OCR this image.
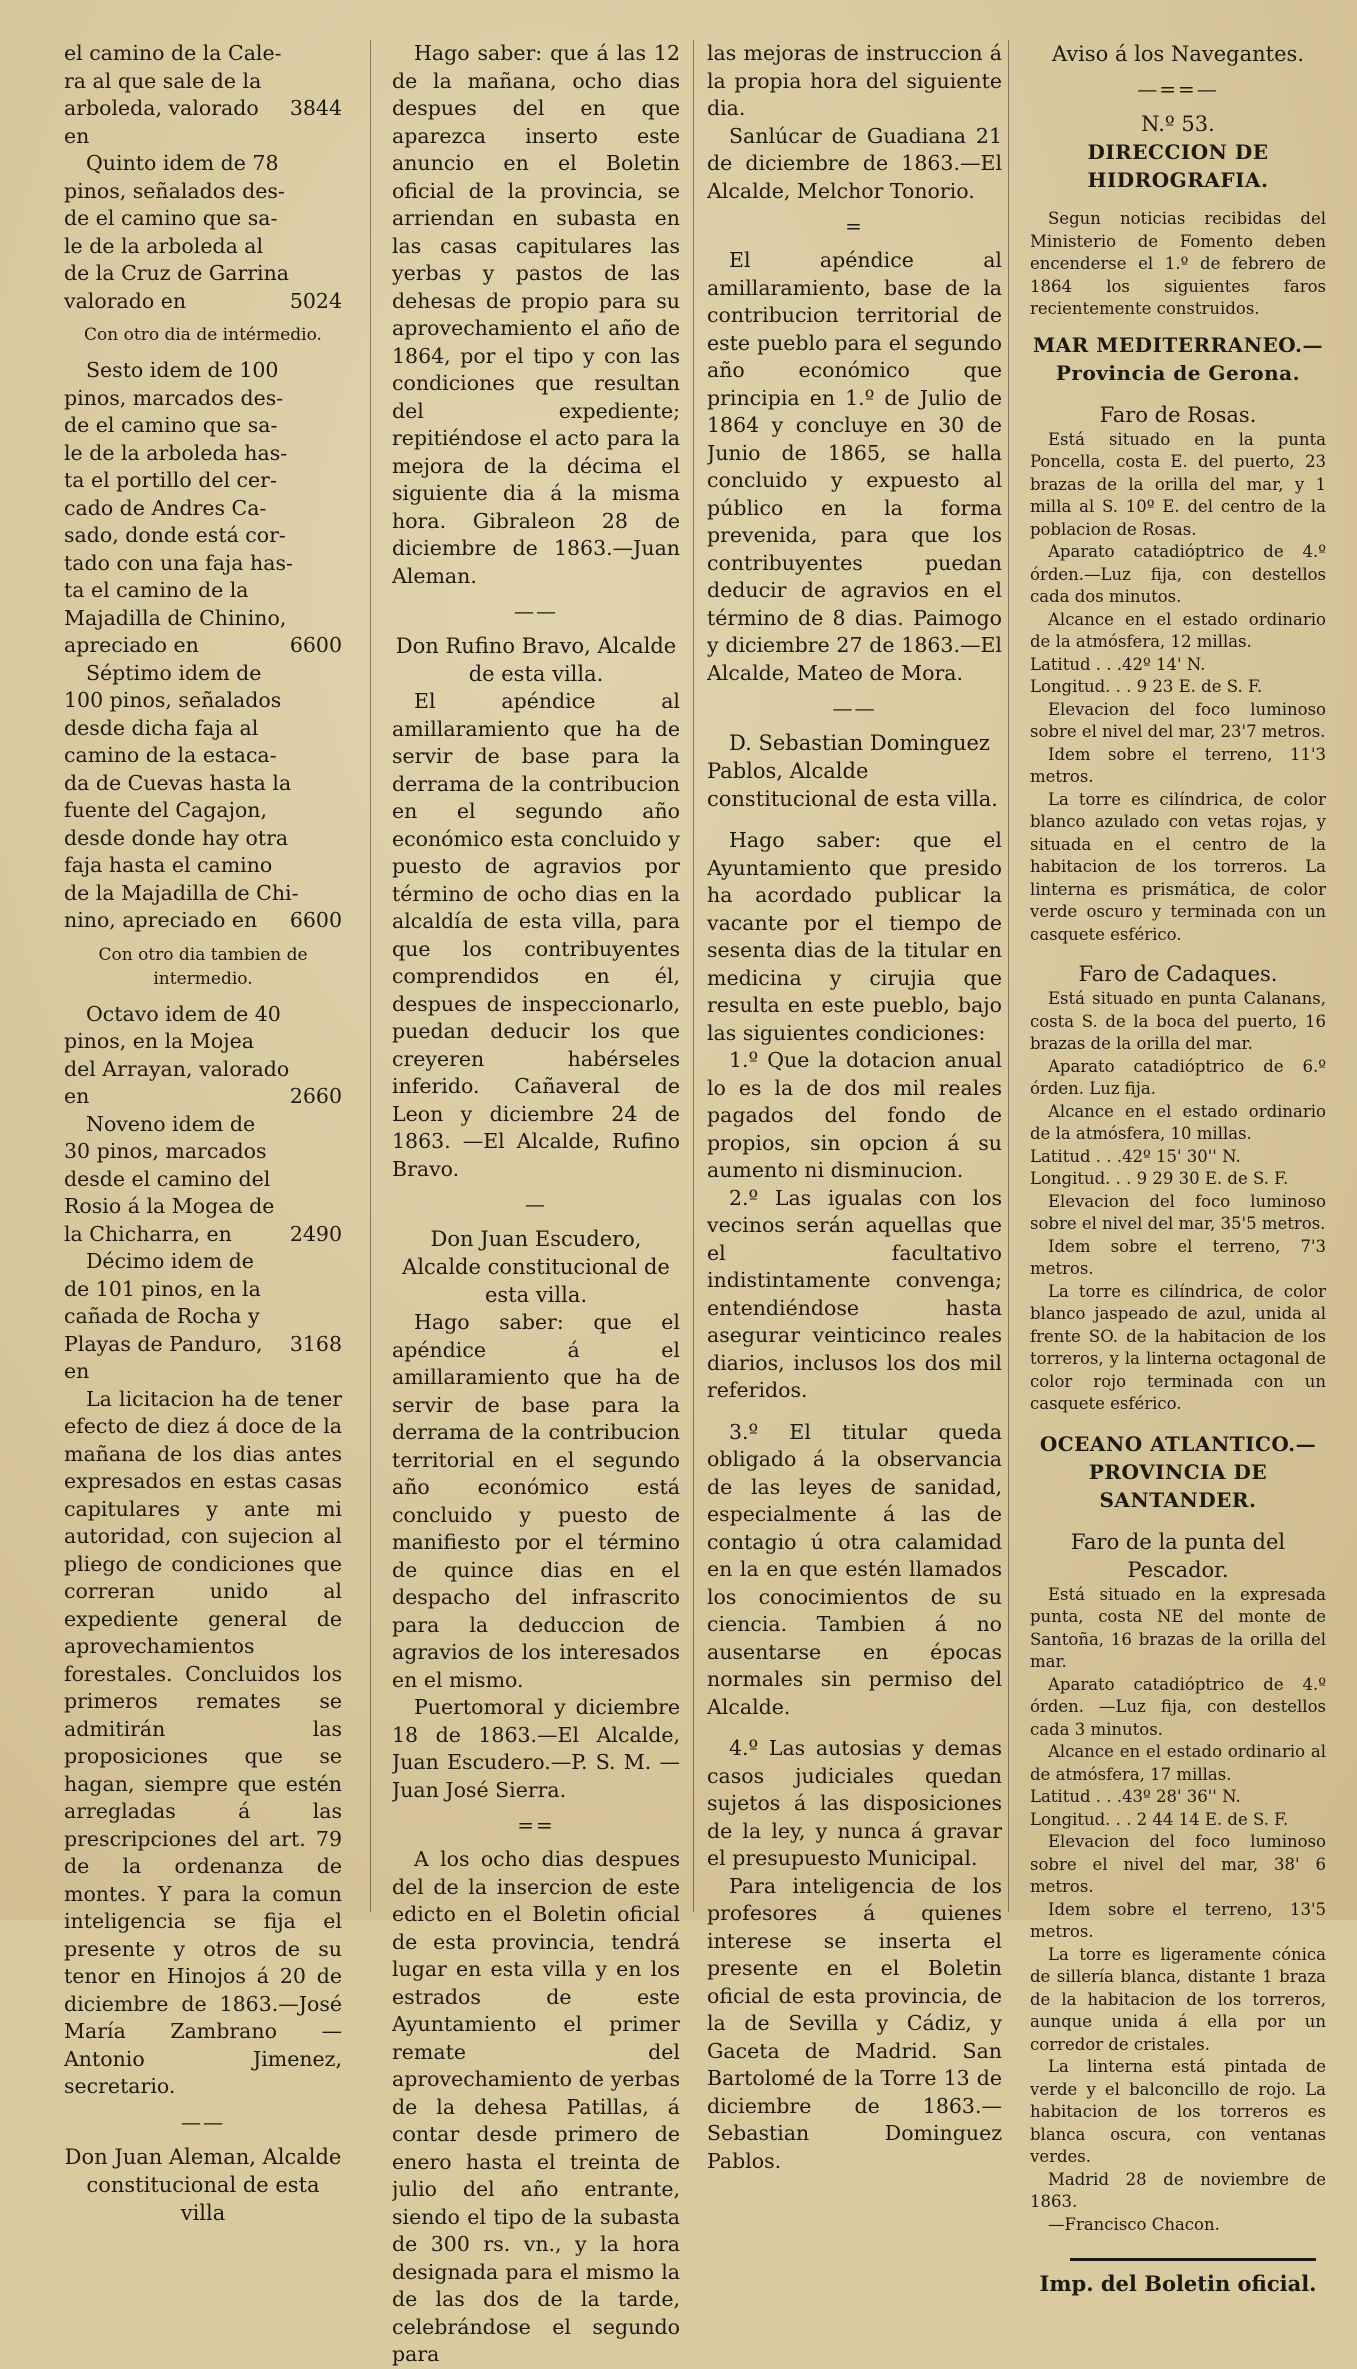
el camino de la Cale-

ra al que sale de la

arboleda, valorado en
3844

Quinto idem de 78

pinos, señalados des-

de el camino que sa-

le de la arboleda al

de la Cruz de Garrina

valorado en	5024

Con otro dia de intérmedio.

Sesto idem de 100

pinos, marcados des-

de el camino que sa-

le de la arboleda has-

ta el portillo del cer-

cado de Andres Ca-

sado, donde está cor-

tado con una faja has-

ta el camino de la

Majadilla de Chinino,

apreciado en	6600

Séptimo idem de

100 pinos, señalados

desde dicha faja al

camino de la estaca-

da de Cuevas hasta la

fuente del Cagajon,

desde donde hay otra

faja hasta el camino

de la Majadilla de Chi-

nino, apreciado en 6600

Con otro dia tambien de intermedio.

Octavo idem de 40

pinos, en la Mojea

del Arrayan, valorado

en	2660

Noveno idem de

30 pinos, marcados

desde el camino del

Rosio á la Mogea de

la Chicharra, en	2490

Décimo idem de

de 101 pinos, en la

cañada de Rocha y

Playas de Panduro, en
3168

La licitacion ha de tener efecto de diez á doce de la mañana de los dias antes expresados en estas casas capitulares y ante mi autoridad, con sujecion al pliego de condiciones que correran unido al expediente general de aprovechamientos forestales. Concluidos los primeros remates se admitirán las proposiciones que se hagan, siempre que estén arregladas á las prescripciones del art. 79 de la ordenanza de montes. Y para la comun inteligencia se fija el presente y otros de su tenor en Hinojos á 20 de diciembre de 1863.—José María Zambrano —Antonio Jimenez, secretario.

——

Don Juan Aleman, Alcalde constitucional de esta villa

Hago saber: que á las 12 de la mañana, ocho dias despues del en que aparezca inserto este anuncio en el Boletin oficial de la provincia, se arriendan en subasta en las casas capitulares las yerbas y pastos de las dehesas de propio para su aprovechamiento el año de 1864, por el tipo y con las condiciones que resultan del expediente; repitiéndose el acto para la mejora de la décima el siguiente dia á la misma hora. Gibraleon 28 de diciembre de 1863.—Juan Aleman.

——

Don Rufino Bravo, Alcalde de esta villa.

El apéndice al amillaramiento que ha de servir de base para la derrama de la contribucion en el segundo año económico esta concluido y puesto de agravios por término de ocho dias en la alcaldía de esta villa, para que los contribuyentes comprendidos en él, despues de inspeccionarlo, puedan deducir los que creyeren habérseles inferido. Cañaveral de Leon y diciembre 24 de 1863. —El Alcalde, Rufino Bravo.

—

Don Juan Escudero, Alcalde constitucional de esta villa.

Hago saber: que el apéndice á el amillaramiento que ha de servir de base para la derrama de la contribucion territorial en el segundo año económico está concluido y puesto de manifiesto por el término de quince dias en el despacho del infrascrito para la deduccion de agravios de los interesados en el mismo.

Puertomoral y diciembre 18 de 1863.—El Alcalde, Juan Escudero.—P. S. M. —Juan José Sierra.

==

A los ocho dias despues del de la insercion de este edicto en el Boletin oficial de esta provincia, tendrá lugar en esta villa y en los estrados de este Ayuntamiento el primer remate del aprovechamiento de yerbas de la dehesa Patillas, á contar desde primero de enero hasta el treinta de julio del año entrante, siendo el tipo de la subasta de 300 rs. vn., y la hora designada para el mismo la de las dos de la tarde, celebrándose el segundo para

las mejoras de instruccion á la propia hora del siguiente dia.

Sanlúcar de Guadiana 21 de diciembre de 1863.—El Alcalde, Melchor Tonorio.

=

El apéndice al amillaramiento, base de la contribucion territorial de este pueblo para el segundo año económico que principia en 1.º de Julio de 1864 y concluye en 30 de Junio de 1865, se halla concluido y expuesto al público en la forma prevenida, para que los contribuyentes puedan deducir de agravios en el término de 8 dias. Paimogo y diciembre 27 de 1863.—El Alcalde, Mateo de Mora.

——

D. Sebastian Dominguez Pablos, Alcalde constitucional de esta villa.

Hago saber: que el Ayuntamiento que presido ha acordado publicar la vacante por el tiempo de sesenta dias de la titular en medicina y cirujia que resulta en este pueblo, bajo las siguientes condiciones:

1.º Que la dotacion anual lo es la de dos mil reales pagados del fondo de propios, sin opcion á su aumento ni disminucion.

2.º Las igualas con los vecinos serán aquellas que el facultativo indistintamente convenga; entendiéndose hasta asegurar veinticinco reales diarios, inclusos los dos mil referidos.

3.º El titular queda obligado á la observancia de las leyes de sanidad, especialmente á las de contagio ú otra calamidad en la en que estén llamados los conocimientos de su ciencia. Tambien á no ausentarse en épocas normales sin permiso del Alcalde.

4.º Las autosias y demas casos judiciales quedan sujetos á las disposiciones de la ley, y nunca á gravar el presupuesto Municipal.

Para inteligencia de los profesores á quienes interese se inserta el presente en el Boletin oficial de esta provincia, de la de Sevilla y Cádiz, y Gaceta de Madrid. San Bartolomé de la Torre 13 de diciembre de 1863.—Sebastian Dominguez Pablos.

Aviso á los Navegantes.

—==—

N.º 53.

DIRECCION DE HIDROGRAFIA.

Segun noticias recibidas del Ministerio de Fomento deben encenderse el 1.º de febrero de 1864 los siguientes faros recientemente construidos.

MAR MEDITERRANEO.—Provincia de Gerona.

Faro de Rosas.

Está situado en la punta Poncella, costa E. del puerto, 23 brazas de la orilla del mar, y 1 milla al S. 10º E. del centro de la poblacion de Rosas.

Aparato catadióptrico de 4.º órden.—Luz fija, con destellos cada dos minutos.

Alcance en el estado ordinario de la atmósfera, 12 millas.

Latitud . . .42º 14' N.

Longitud. . . 9 23 E. de S. F.

Elevacion del foco luminoso sobre el nivel del mar, 23'7 metros.

Idem sobre el terreno, 11'3 metros.

La torre es cilíndrica, de color blanco azulado con vetas rojas, y situada en el centro de la habitacion de los torreros. La linterna es prismática, de color verde oscuro y terminada con un casquete esférico.

Faro de Cadaques.

Está situado en punta Calanans, costa S. de la boca del puerto, 16 brazas de la orilla del mar.

Aparato catadióptrico de 6.º órden. Luz fija.

Alcance en el estado ordinario de la atmósfera, 10 millas.

Latitud . . .42º 15' 30'' N.

Longitud. . . 9 29 30 E. de S. F.

Elevacion del foco luminoso sobre el nivel del mar, 35'5 metros.

Idem sobre el terreno, 7'3 metros.

La torre es cilíndrica, de color blanco jaspeado de azul, unida al frente SO. de la habitacion de los torreros, y la linterna octagonal de color rojo terminada con un casquete esférico.

OCEANO ATLANTICO.—PROVINCIA DE SANTANDER.

Faro de la punta del Pescador.

Está situado en la expresada punta, costa NE del monte de Santoña, 16 brazas de la orilla del mar.

Aparato catadióptrico de 4.º órden. —Luz fija, con destellos cada 3 minutos.

Alcance en el estado ordinario al de atmósfera, 17 millas.

Latitud . . .43º 28' 36'' N.

Longitud. . . 2 44 14 E. de S. F.

Elevacion del foco luminoso sobre el nivel del mar, 38' 6 metros.

Idem sobre el terreno, 13'5 metros.

La torre es ligeramente cónica de sillería blanca, distante 1 braza de la habitacion de los torreros, aunque unida á ella por un corredor de cristales.

La linterna está pintada de verde y el balconcillo de rojo. La habitacion de los torreros es blanca oscura, con ventanas verdes.

Madrid 28 de noviembre de 1863.

—Francisco Chacon.

Imp. del Boletin oficial.
